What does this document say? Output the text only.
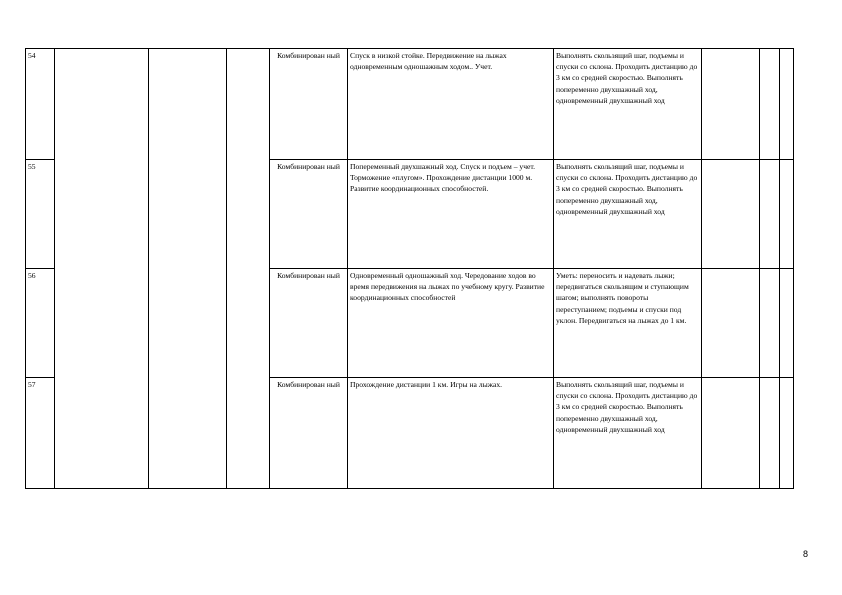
54				Комбинирован ный	Спуск в низкой стойке. Передвижение на лыжах одновременным одношажным ходом.. Учет.	Выполнять скользящий шаг, подъемы и спуски со склона. Проходить дистанцию до 3 км со средней скоростью. Выполнять попеременно двухшажный ход, одновременный двухшажный ход			
55				Комбинирован ный	Попеременный двухшажный ход. Спуск и подъем – учет. Торможение «плугом». Прохождение дистанции 1000 м. Развитие координационных способностей.	Выполнять скользящий шаг, подъемы и спуски со склона. Проходить дистанцию до 3 км со средней скоростью. Выполнять попеременно двухшажный ход, одновременный двухшажный ход			
56				Комбинирован ный	Одновременный одношажный ход. Чередование ходов во время передвижения на лыжах по учебному кругу. Развитие координационных способностей	Уметь: переносить и надевать лыжи; передвигаться скользящим и ступающим шагом; выполнять повороты переступанием; подъемы и спуски под уклон. Передвигаться на лыжах до 1 км.			
57				Комбинирован ный	Прохождение дистанции 1 км. Игры на лыжах.	Выполнять скользящий шаг, подъемы и спуски со склона. Проходить дистанцию до 3 км со средней скоростью. Выполнять попеременно двухшажный ход, одновременный двухшажный ход			
8
